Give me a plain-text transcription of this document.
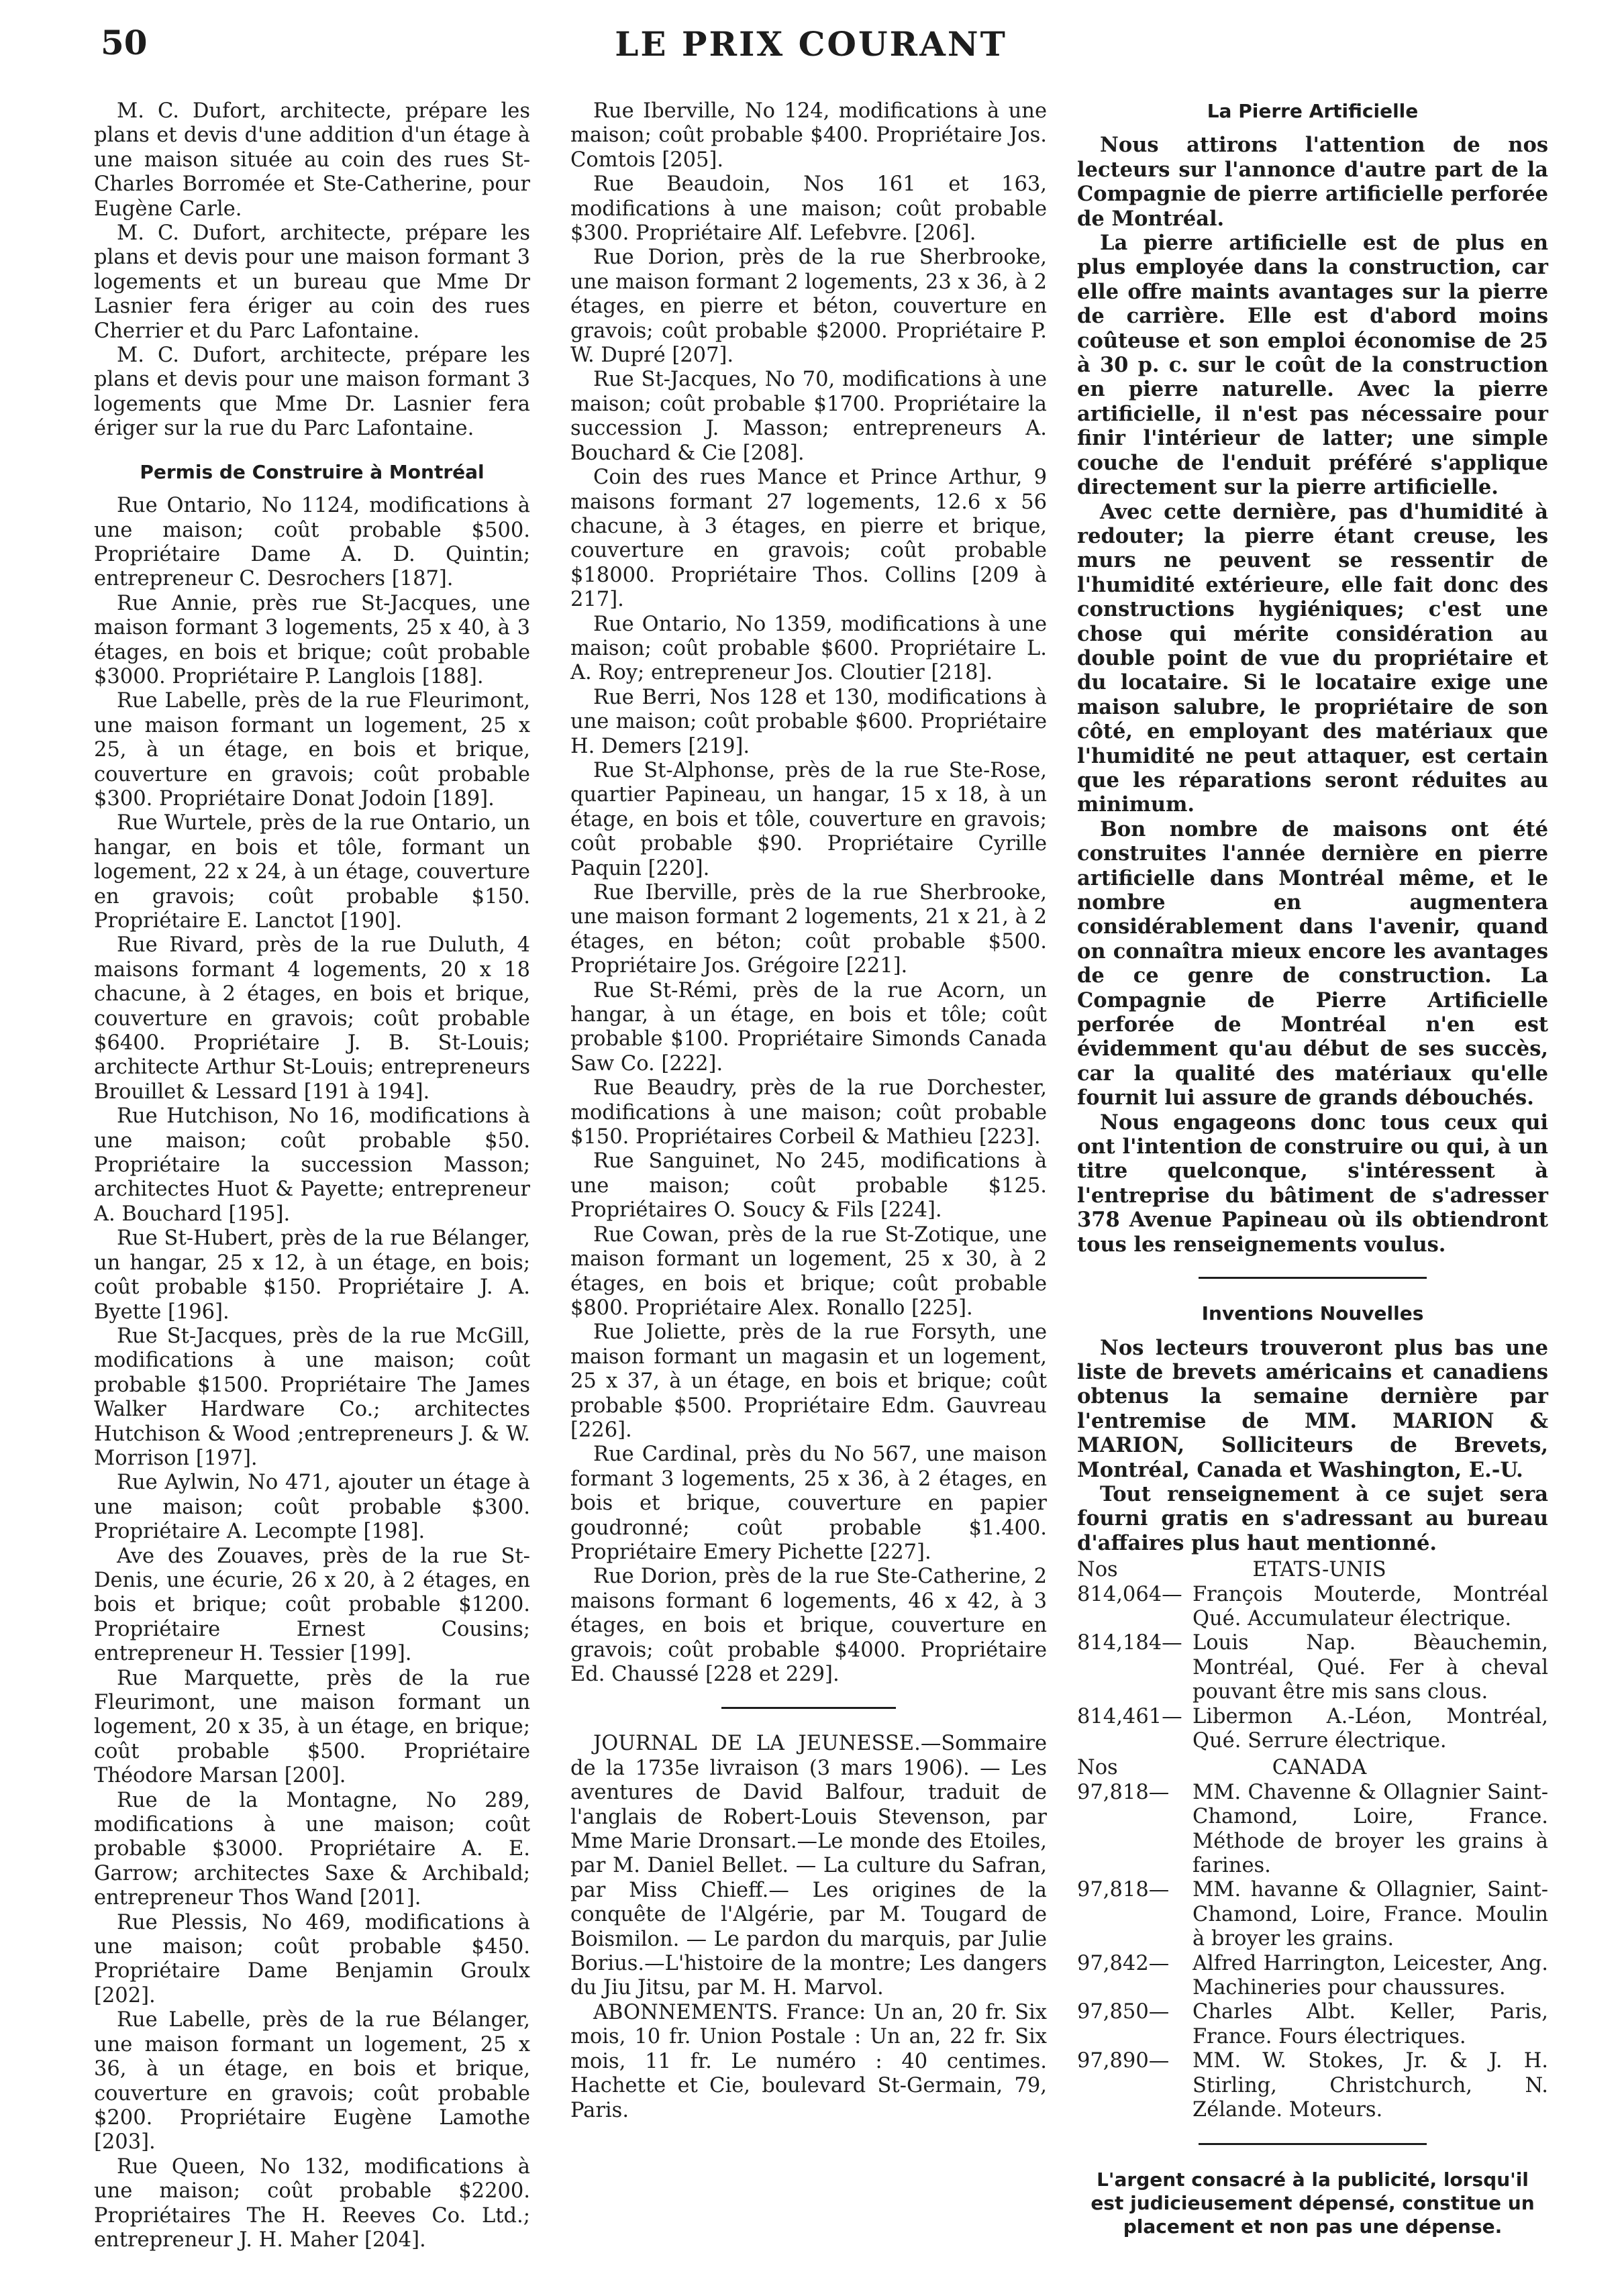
50	LE PRIX COURANT

M. C. Dufort, architecte, prépare les plans et devis d'une addition d'un étage à une maison située au coin des rues St-Charles Borromée et Ste-Catherine, pour Eugène Carle.

M. C. Dufort, architecte, prépare les plans et devis pour une maison formant 3 logements et un bureau que Mme Dr Lasnier fera ériger au coin des rues Cherrier et du Parc Lafontaine.

M. C. Dufort, architecte, prépare les plans et devis pour une maison formant 3 logements que Mme Dr. Lasnier fera ériger sur la rue du Parc Lafontaine.

Permis de Construire à Montréal

Rue Ontario, No 1124, modifications à une maison; coût probable $500. Propriétaire Dame A. D. Quintin; entrepreneur C. Desrochers [187].

Rue Annie, près rue St-Jacques, une maison formant 3 logements, 25 x 40, à 3 étages, en bois et brique; coût probable $3000. Propriétaire P. Langlois [188].

Rue Labelle, près de la rue Fleurimont, une maison formant un logement, 25 x 25, à un étage, en bois et brique, couverture en gravois; coût probable $300. Propriétaire Donat Jodoin [189].

Rue Wurtele, près de la rue Ontario, un hangar, en bois et tôle, formant un logement, 22 x 24, à un étage, couverture en gravois; coût probable $150. Propriétaire E. Lanctot [190].

Rue Rivard, près de la rue Duluth, 4 maisons formant 4 logements, 20 x 18 chacune, à 2 étages, en bois et brique, couverture en gravois; coût probable $6400. Propriétaire J. B. St-Louis; architecte Arthur St-Louis; entrepreneurs Brouillet & Lessard [191 à 194].

Rue Hutchison, No 16, modifications à une maison; coût probable $50. Propriétaire la succession Masson; architectes Huot & Payette; entrepreneur A. Bouchard [195].

Rue St-Hubert, près de la rue Bélanger, un hangar, 25 x 12, à un étage, en bois; coût probable $150. Propriétaire J. A. Byette [196].

Rue St-Jacques, près de la rue McGill, modifications à une maison; coût probable $1500. Propriétaire The James Walker Hardware Co.; architectes Hutchison & Wood ;entrepreneurs J. & W. Morrison [197].

Rue Aylwin, No 471, ajouter un étage à une maison; coût probable $300. Propriétaire A. Lecompte [198].

Ave des Zouaves, près de la rue St-Denis, une écurie, 26 x 20, à 2 étages, en bois et brique; coût probable $1200. Propriétaire Ernest Cousins; entrepreneur H. Tessier [199].

Rue Marquette, près de la rue Fleurimont, une maison formant un logement, 20 x 35, à un étage, en brique; coût probable $500. Propriétaire Théodore Marsan [200].

Rue de la Montagne, No 289, modifications à une maison; coût probable $3000. Propriétaire A. E. Garrow; architectes Saxe & Archibald; entrepreneur Thos Wand [201].

Rue Plessis, No 469, modifications à une maison; coût probable $450. Propriétaire Dame Benjamin Groulx [202].

Rue Labelle, près de la rue Bélanger, une maison formant un logement, 25 x 36, à un étage, en bois et brique, couverture en gravois; coût probable $200. Propriétaire Eugène Lamothe [203].

Rue Queen, No 132, modifications à une maison; coût probable $2200. Propriétaires The H. Reeves Co. Ltd.; entrepreneur J. H. Maher [204].

Rue Iberville, No 124, modifications à une maison; coût probable $400. Propriétaire Jos. Comtois [205].

Rue Beaudoin, Nos 161 et 163, modifications à une maison; coût probable $300. Propriétaire Alf. Lefebvre. [206].

Rue Dorion, près de la rue Sherbrooke, une maison formant 2 logements, 23 x 36, à 2 étages, en pierre et béton, couverture en gravois; coût probable $2000. Propriétaire P. W. Dupré [207].

Rue St-Jacques, No 70, modifications à une maison; coût probable $1700. Propriétaire la succession J. Masson; entrepreneurs A. Bouchard & Cie [208].

Coin des rues Mance et Prince Arthur, 9 maisons formant 27 logements, 12.6 x 56 chacune, à 3 étages, en pierre et brique, couverture en gravois; coût probable $18000. Propriétaire Thos. Collins [209 à 217].

Rue Ontario, No 1359, modifications à une maison; coût probable $600. Propriétaire L. A. Roy; entrepreneur Jos. Cloutier [218].

Rue Berri, Nos 128 et 130, modifications à une maison; coût probable $600. Propriétaire H. Demers [219].

Rue St-Alphonse, près de la rue Ste-Rose, quartier Papineau, un hangar, 15 x 18, à un étage, en bois et tôle, couverture en gravois; coût probable $90. Propriétaire Cyrille Paquin [220].

Rue Iberville, près de la rue Sherbrooke, une maison formant 2 logements, 21 x 21, à 2 étages, en béton; coût probable $500. Propriétaire Jos. Grégoire [221].

Rue St-Rémi, près de la rue Acorn, un hangar, à un étage, en bois et tôle; coût probable $100. Propriétaire Simonds Canada Saw Co. [222].

Rue Beaudry, près de la rue Dorchester, modifications à une maison; coût probable $150. Propriétaires Corbeil & Mathieu [223].

Rue Sanguinet, No 245, modifications à une maison; coût probable $125. Propriétaires O. Soucy & Fils [224].

Rue Cowan, près de la rue St-Zotique, une maison formant un logement, 25 x 30, à 2 étages, en bois et brique; coût probable $800. Propriétaire Alex. Ronallo [225].

Rue Joliette, près de la rue Forsyth, une maison formant un magasin et un logement, 25 x 37, à un étage, en bois et brique; coût probable $500. Propriétaire Edm. Gauvreau [226].

Rue Cardinal, près du No 567, une maison formant 3 logements, 25 x 36, à 2 étages, en bois et brique, couverture en papier goudronné; coût probable $1.400. Propriétaire Emery Pichette [227].

Rue Dorion, près de la rue Ste-Catherine, 2 maisons formant 6 logements, 46 x 42, à 3 étages, en bois et brique, couverture en gravois; coût probable $4000. Propriétaire Ed. Chaussé [228 et 229].

JOURNAL DE LA JEUNESSE.—Sommaire de la 1735e livraison (3 mars 1906). — Les aventures de David Balfour, traduit de l'anglais de Robert-Louis Stevenson, par Mme Marie Dronsart.—Le monde des Etoiles, par M. Daniel Bellet. — La culture du Safran, par Miss Chieff.— Les origines de la conquête de l'Algérie, par M. Tougard de Boismilon. — Le pardon du marquis, par Julie Borius.—L'histoire de la montre; Les dangers du Jiu Jitsu, par M. H. Marvol.

ABONNEMENTS. France: Un an, 20 fr. Six mois, 10 fr. Union Postale : Un an, 22 fr. Six mois, 11 fr. Le numéro : 40 centimes. Hachette et Cie, boulevard St-Germain, 79, Paris.

La Pierre Artificielle

Nous attirons l'attention de nos lecteurs sur l'annonce d'autre part de la Compagnie de pierre artificielle perforée de Montréal.

La pierre artificielle est de plus en plus employée dans la construction, car elle offre maints avantages sur la pierre de carrière. Elle est d'abord moins coûteuse et son emploi économise de 25 à 30 p. c. sur le coût de la construction en pierre naturelle. Avec la pierre artificielle, il n'est pas nécessaire pour finir l'intérieur de latter; une simple couche de l'enduit préféré s'applique directement sur la pierre artificielle.

Avec cette dernière, pas d'humidité à redouter; la pierre étant creuse, les murs ne peuvent se ressentir de l'humidité extérieure, elle fait donc des constructions hygiéniques; c'est une chose qui mérite considération au double point de vue du propriétaire et du locataire. Si le locataire exige une maison salubre, le propriétaire de son côté, en employant des matériaux que l'humidité ne peut attaquer, est certain que les réparations seront réduites au minimum.

Bon nombre de maisons ont été construites l'année dernière en pierre artificielle dans Montréal même, et le nombre en augmentera considérablement dans l'avenir, quand on connaîtra mieux encore les avantages de ce genre de construction. La Compagnie de Pierre Artificielle perforée de Montréal n'en est évidemment qu'au début de ses succès, car la qualité des matériaux qu'elle fournit lui assure de grands débouchés.

Nous engageons donc tous ceux qui ont l'intention de construire ou qui, à un titre quelconque, s'intéressent à l'entreprise du bâtiment de s'adresser 378 Avenue Papineau où ils obtiendront tous les renseignements voulus.

Inventions Nouvelles

Nos lecteurs trouveront plus bas une liste de brevets américains et canadiens obtenus la semaine dernière par l'entremise de MM. MARION & MARION, Solliciteurs de Brevets, Montréal, Canada et Washington, E.-U.

Tout renseignement à ce sujet sera fourni gratis en s'adressant au bureau d'affaires plus haut mentionné.

Nos	ETATS-UNIS
814,064— François Mouterde, Montréal Qué. Accumulateur électrique.
814,184— Louis Nap. Bèauchemin, Montréal, Qué. Fer à cheval pouvant être mis sans clous.
814,461— Libermon A.-Léon, Montréal, Qué. Serrure électrique.
Nos	CANADA
97,818—	MM. Chavenne & Ollagnier Saint-Chamond, Loire, France. Méthode de broyer les grains à farines.
97,818—	MM. havanne & Ollagnier, Saint-Chamond, Loire, France. Moulin à broyer les grains.
97,842—	Alfred Harrington, Leicester, Ang. Machineries pour chaussures.
97,850—	Charles Albt. Keller, Paris, France. Fours électriques.
97,890—	MM. W. Stokes, Jr. & J. H. Stirling, Christchurch, N. Zélande. Moteurs.
L'argent consacré à la publicité, lorsqu'il est judicieusement dépensé, constitue un placement et non pas une dépense.
